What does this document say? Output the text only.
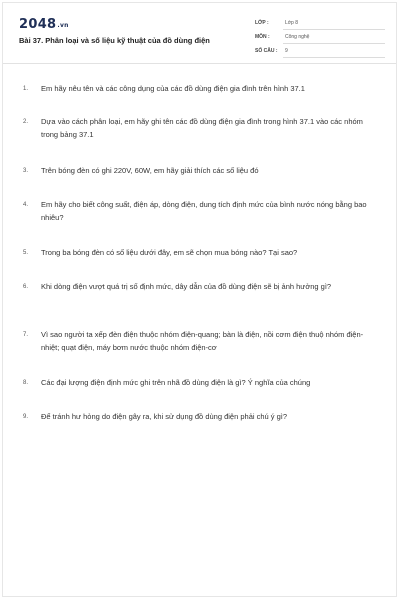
2048.vn
Bài 37. Phân loại và số liệu kỹ thuật của đồ dùng điện
LỚP :	Lớp 8
MÔN :	Công nghệ
SỐ CÂU : 9
1. Em hãy nêu tên và các công dụng của các đồ dùng điện gia đình trên hình 37.1
2. Dựa vào cách phân loại, em hãy ghi tên các đồ dùng điện gia đình trong hình 37.1 vào các nhóm trong bảng 37.1
3. Trên bóng đèn có ghi 220V, 60W, em hãy giải thích các số liệu đó
4. Em hãy cho biết công suất, điện áp, dòng điện, dung tích định mức của bình nước nóng bằng bao nhiêu?
5. Trong ba bóng đèn có số liệu dưới đây, em sẽ chọn mua bóng nào? Tại sao?
6. Khi dòng điện vượt quá trị số định mức, dây dẫn của đồ dùng điện sẽ bị ảnh hưởng gì?
7. Vì sao người ta xếp đèn điện thuộc nhóm điện-quang; bàn là điện, nồi cơm điện thuộ nhóm điện-nhiệt; quạt điện, máy bơm nước thuộc nhóm điện-cơ
8. Các đại lượng điện định mức ghi trên nhã đồ dùng điện là gì? Ý nghĩa của chúng
9. Để tránh hư hỏng do điện gây ra, khi sử dụng đồ dùng điện phải chú ý gì?
